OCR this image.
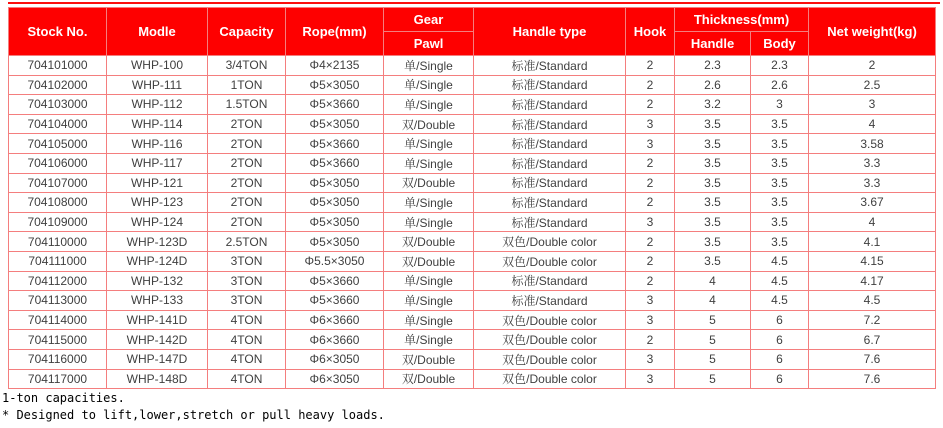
Stock No.	Modle	Capacity	Rope(mm)	Gear	Handle type	Hook	Thickness(mm)		Net weight(kg)
				Pawl			Handle	Body	
704101000	WHP-100	3/4TON	Φ4×2135	单/Single	标准/Standard	2	2.3	2.3	2
704102000	WHP-111	1TON	Φ5×3050	单/Single	标准/Standard	2	2.6	2.6	2.5
704103000	WHP-112	1.5TON	Φ5×3660	单/Single	标准/Standard	2	3.2	3	3
704104000	WHP-114	2TON	Φ5×3050	双/Double	标准/Standard	3	3.5	3.5	4
704105000	WHP-116	2TON	Φ5×3660	单/Single	标准/Standard	3	3.5	3.5	3.58
704106000	WHP-117	2TON	Φ5×3660	单/Single	标准/Standard	2	3.5	3.5	3.3
704107000	WHP-121	2TON	Φ5×3050	双/Double	标准/Standard	2	3.5	3.5	3.3
704108000	WHP-123	2TON	Φ5×3050	单/Single	标准/Standard	2	3.5	3.5	3.67
704109000	WHP-124	2TON	Φ5×3050	单/Single	标准/Standard	3	3.5	3.5	4
704110000	WHP-123D	2.5TON	Φ5×3050	双/Double	双色/Double color	2	3.5	3.5	4.1
704111000	WHP-124D	3TON	Φ5.5×3050	双/Double	双色/Double color	2	3.5	4.5	4.15
704112000	WHP-132	3TON	Φ5×3660	单/Single	标准/Standard	2	4	4.5	4.17
704113000	WHP-133	3TON	Φ5×3660	单/Single	标准/Standard	3	4	4.5	4.5
704114000	WHP-141D	4TON	Φ6×3660	单/Single	双色/Double color	3	5	6	7.2
704115000	WHP-142D	4TON	Φ6×3660	单/Single	双色/Double color	2	5	6	6.7
704116000	WHP-147D	4TON	Φ6×3050	双/Double	双色/Double color	3	5	6	7.6
704117000	WHP-148D	4TON	Φ6×3050	双/Double	双色/Double color	3	5	6	7.6
1-ton capacities.
* Designed to lift,lower,stretch or pull heavy loads.
